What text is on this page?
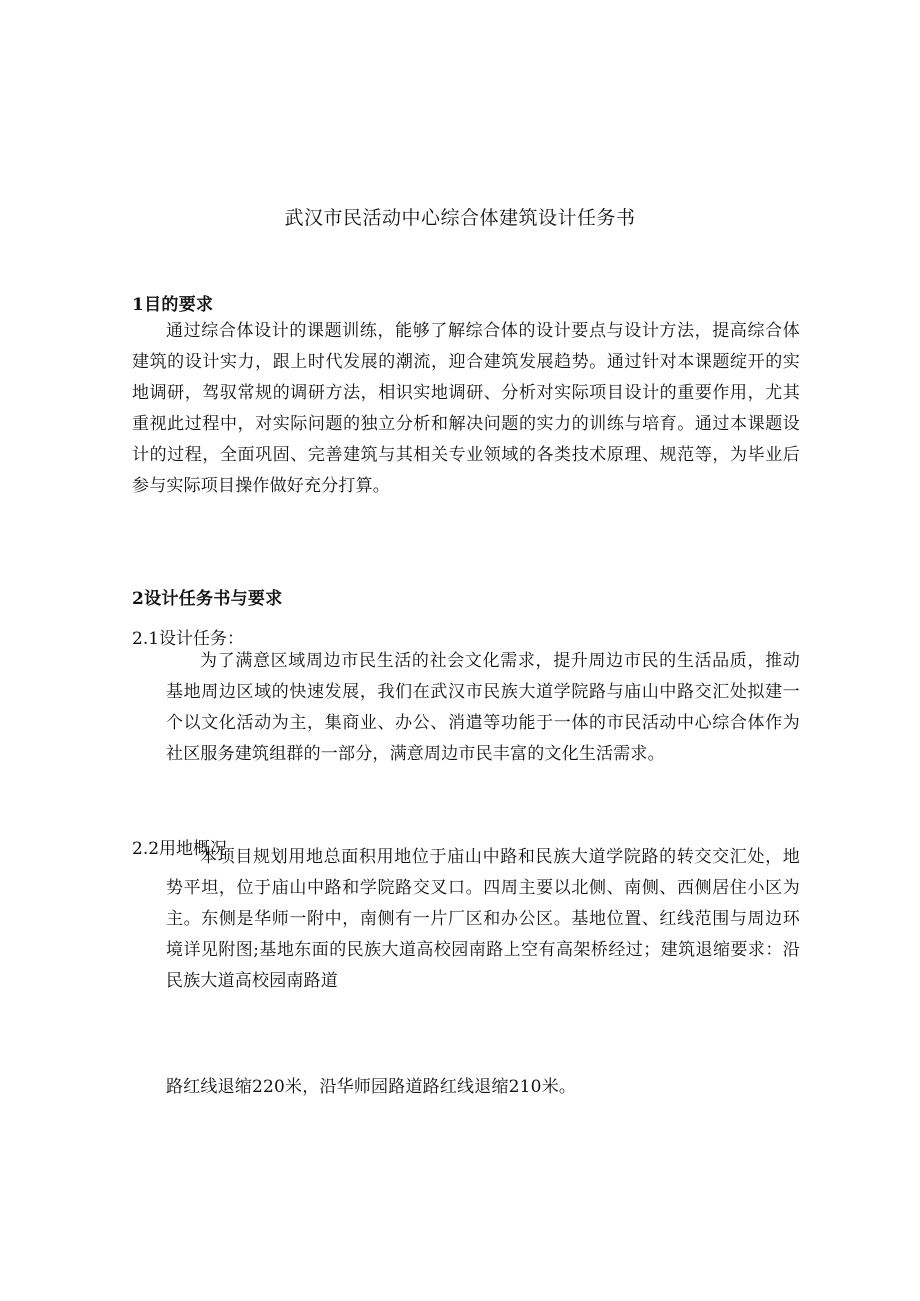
武汉市民活动中心综合体建筑设计任务书
1目的要求

通过综合体设计的课题训练，能够了解综合体的设计要点与设计方法，提高综合体建筑的设计实力，跟上时代发展的潮流，迎合建筑发展趋势。通过针对本课题绽开的实地调研，驾驭常规的调研方法，相识实地调研、分析对实际项目设计的重要作用，尤其重视此过程中，对实际问题的独立分析和解决问题的实力的训练与培育。通过本课题设计的过程，全面巩固、完善建筑与其相关专业领域的各类技术原理、规范等，为毕业后参与实际项目操作做好充分打算。

2设计任务书与要求
2.1设计任务：

为了满意区域周边市民生活的社会文化需求，提升周边市民的生活品质，推动基地周边区域的快速发展，我们在武汉市民族大道学院路与庙山中路交汇处拟建一个以文化活动为主，集商业、办公、消遣等功能于一体的市民活动中心综合体作为社区服务建筑组群的一部分，满意周边市民丰富的文化生活需求。

2.2用地概况

本项目规划用地总面积用地位于庙山中路和民族大道学院路的转交交汇处，地势平坦，位于庙山中路和学院路交叉口。四周主要以北侧、南侧、西侧居住小区为主。东侧是华师一附中，南侧有一片厂区和办公区。基地位置、红线范围与周边环境详见附图;基地东面的民族大道高校园南路上空有高架桥经过；建筑退缩要求：沿民族大道高校园南路道

路红线退缩220米，沿华师园路道路红线退缩210米。
